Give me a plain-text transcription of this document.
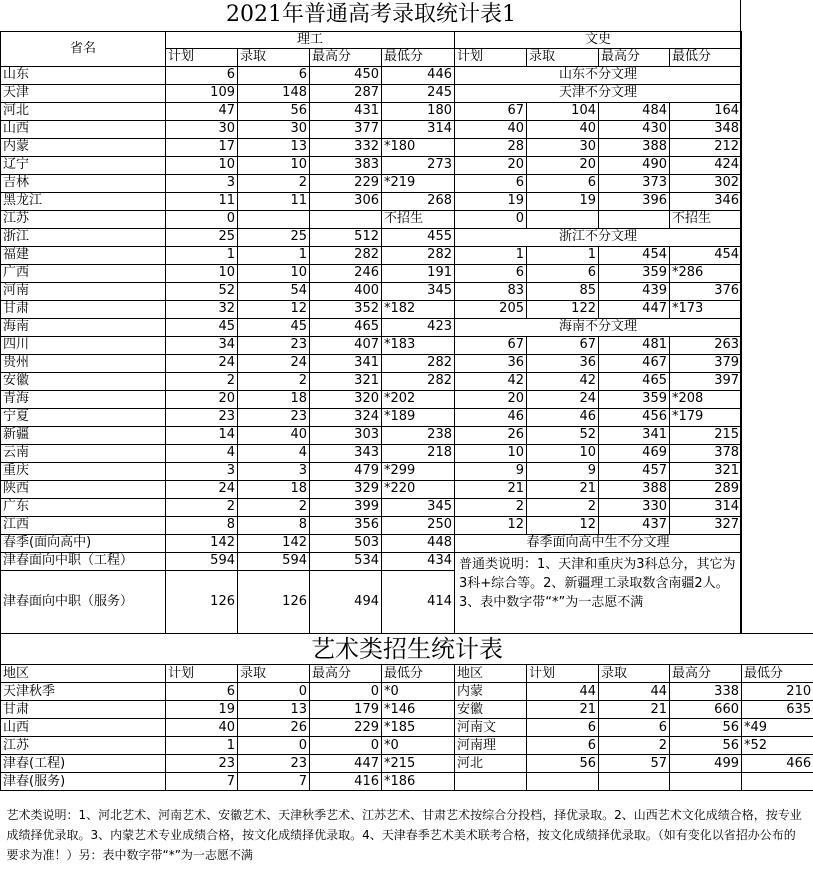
2021年普通高考录取统计表1								
省名	理工				文史			
	计划	录取	最高分	最低分	计划	录取	最高分	最低分
山东	6	6	450	446	山东不分文理			
天津	109	148	287	245	天津不分文理			
河北	47	56	431	180	67	104	484	164
山西	30	30	377	314	40	40	430	348
内蒙	17	13	332	*180	28	30	388	212
辽宁	10	10	383	273	20	20	490	424
吉林	3	2	229	*219	6	6	373	302
黑龙江	11	11	306	268	19	19	396	346
江苏	0			不招生	0			不招生
浙江	25	25	512	455	浙江不分文理			
福建	1	1	282	282	1	1	454	454
广西	10	10	246	191	6	6	359	*286
河南	52	54	400	345	83	85	439	376
甘肃	32	12	352	*182	205	122	447	*173
海南	45	45	465	423	海南不分文理			
四川	34	23	407	*183	67	67	481	263
贵州	24	24	341	282	36	36	467	379
安徽	2	2	321	282	42	42	465	397
青海	20	18	320	*202	20	24	359	*208
宁夏	23	23	324	*189	46	46	456	*179
新疆	14	40	303	238	26	52	341	215
云南	4	4	343	218	10	10	469	378
重庆	3	3	479	*299	9	9	457	321
陕西	24	18	329	*220	21	21	388	289
广东	2	2	399	345	2	2	330	314
江西	8	8	356	250	12	12	437	327
春季(面向高中)	142	142	503	448	春季面向高中生不分文理			
津春面向中职（工程）	594	594	534	434	普通类说明：1、天津和重庆为3科总分，其它为3科+综合等。2、新疆理工录取数含南疆2人。3、表中数字带“*”为一志愿不满			
津春面向中职（服务）	126	126	494	414				
艺术类招生统计表									
地区	计划	录取	最高分	最低分	地区	计划	录取	最高分	最低分
天津秋季	6	0	0	*0	内蒙	44	44	338	210
甘肃	19	13	179	*146	安徽	21	21	660	635
山西	40	26	229	*185	河南文	6	6	56	*49
江苏	1	0	0	*0	河南理	6	2	56	*52
津春(工程)	23	23	447	*215	河北	56	57	499	466
津春(服务)	7	7	416	*186					

艺术类说明：1、河北艺术、河南艺术、安徽艺术、天津秋季艺术、江苏艺术、甘肃艺术按综合分投档，择优录取。2、山西艺术文化成绩合格，按专业成绩择优录取。3、内蒙艺术专业成绩合格，按文化成绩择优录取。4、天津春季艺术美术联考合格，按文化成绩择优录取。（如有变化以省招办公布的要求为准！）另：表中数字带“*”为一志愿不满									
